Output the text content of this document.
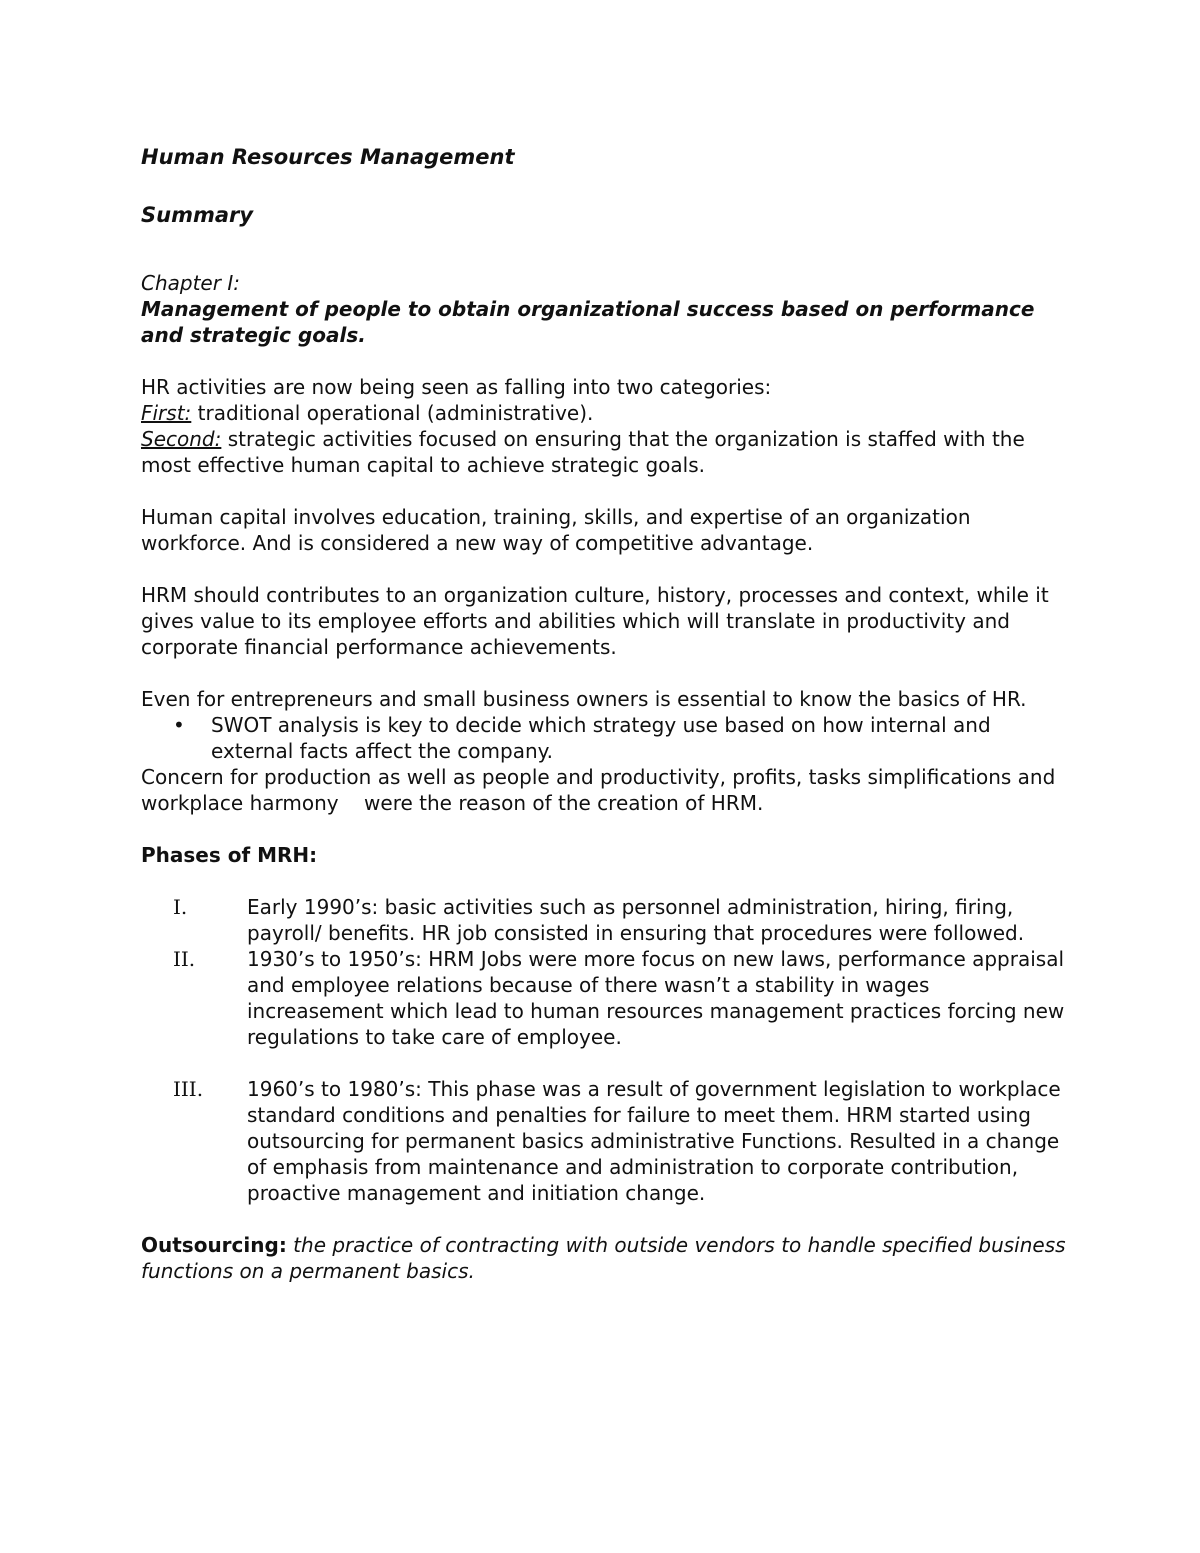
Human Resources Management

Summary

Chapter I:

Management of people to obtain organizational success based on performance and strategic goals.

HR activities are now being seen as falling into two categories:

First: traditional operational (administrative).

Second: strategic activities focused on ensuring that the organization is staffed with the most effective human capital to achieve strategic goals.

Human capital involves education, training, skills, and expertise of an organization workforce. And is considered a new way of competitive advantage.

HRM should contributes to an organization culture, history, processes and context, while it gives value to its employee efforts and abilities which will translate in productivity and corporate financial performance achievements.

Even for entrepreneurs and small business owners is essential to know the basics of HR.

• SWOT analysis is key to decide which strategy use based on how internal and external facts affect the company.

Concern for production as well as people and productivity, profits, tasks simplifications and workplace harmony    were the reason of the creation of HRM.

Phases of MRH:

I.	Early 1990’s: basic activities such as personnel administration, hiring, firing, payroll/ benefits. HR job consisted in ensuring that procedures were followed.
II.	1930’s to 1950’s: HRM Jobs were more focus on new laws, performance appraisal and employee relations because of there wasn’t a stability in wages increasement which lead to human resources management practices forcing new regulations to take care of employee.
III. 1960’s to 1980’s: This phase was a result of government legislation to workplace standard conditions and penalties for failure to meet them. HRM started using outsourcing for permanent basics administrative Functions. Resulted in a change of emphasis from maintenance and administration to corporate contribution, proactive management and initiation change.

Outsourcing: the practice of contracting with outside vendors to handle specified business functions on a permanent basics.
